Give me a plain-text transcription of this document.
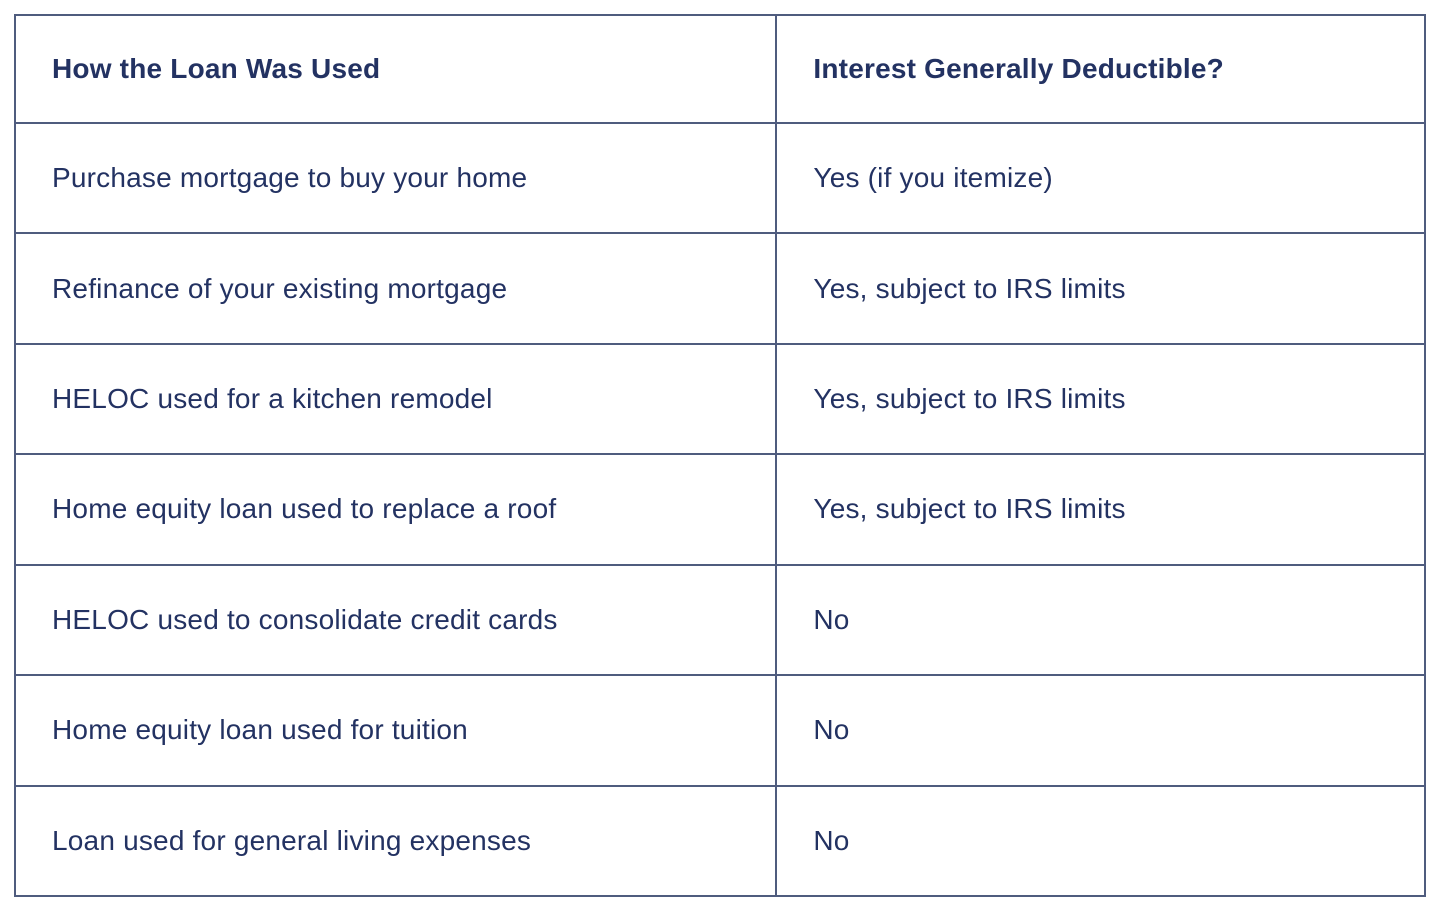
How the Loan Was Used	Interest Generally Deductible?
Purchase mortgage to buy your home	Yes (if you itemize)
Refinance of your existing mortgage	Yes, subject to IRS limits
HELOC used for a kitchen remodel	Yes, subject to IRS limits
Home equity loan used to replace a roof	Yes, subject to IRS limits
HELOC used to consolidate credit cards	No
Home equity loan used for tuition	No
Loan used for general living expenses	No
